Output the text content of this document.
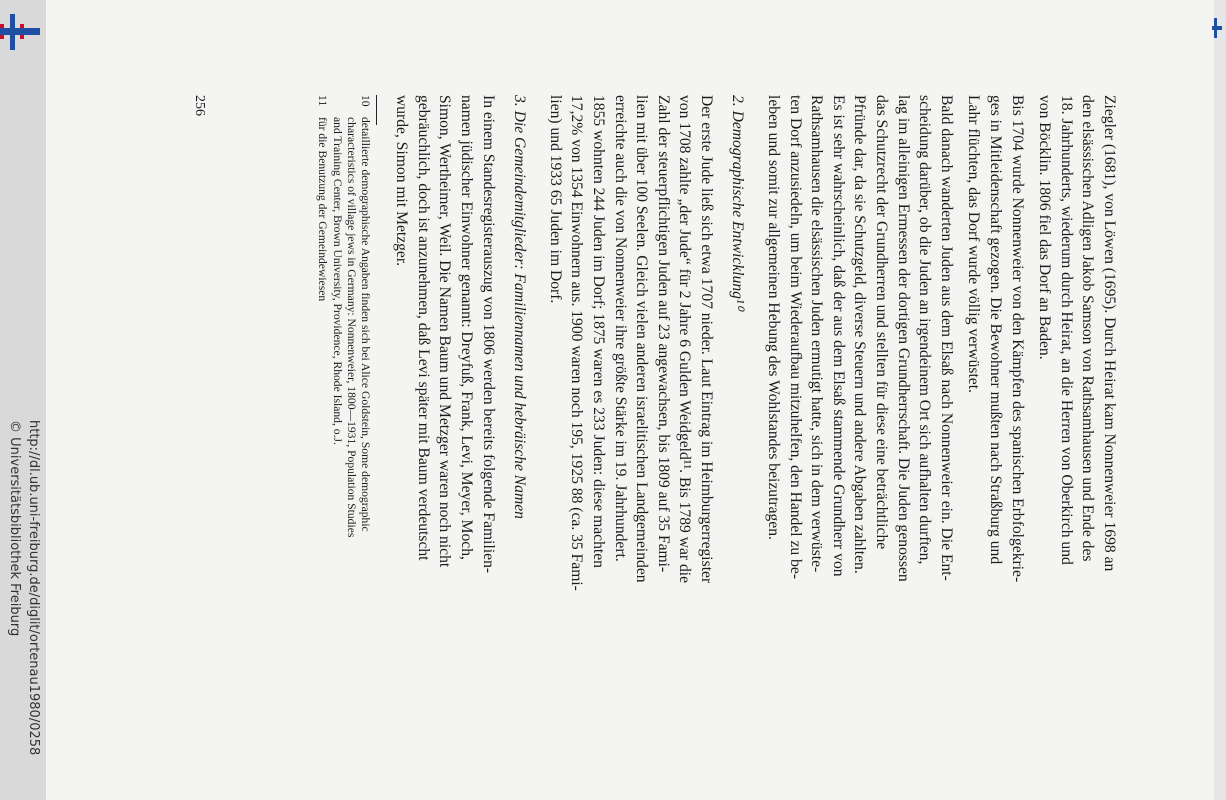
http://dl.ub.uni-freiburg.de/diglit/ortenau1980/0258
© Universitätsbibliothek Freiburg	Ziegler (1681), von Löwen (1695). Durch Heirat kam Nonnenweier 1698 an
den elsässischen Adligen Jakob Samson von Rathsamhausen und Ende des
18. Jahrhunderts, wiederum durch Heirat, an die Herren von Oberkirch und
von Böcklin. 1806 fiel das Dorf an Baden.

Bis 1704 wurde Nonnenweier von den Kämpfen des spanischen Erbfolgekrie-
ges in Mitleidenschaft gezogen. Die Bewohner mußten nach Straßburg und
Lahr flüchten, das Dorf wurde völlig verwüstet.

Bald danach wanderten Juden aus dem Elsaß nach Nonnenweier ein. Die Ent-
scheidung darüber, ob die Juden an irgendeinem Ort sich aufhalten durften,
lag im alleinigen Ermessen der dortigen Grundherrschaft. Die Juden genossen
das Schutzrecht der Grundherren und stellten für diese eine beträchtliche
Pfründe dar, da sie Schutzgeld, diverse Steuern und andere Abgaben zahlten.
Es ist sehr wahrscheinlich, daß der aus dem Elsaß stammende Grundherr von
Rathsamhausen die elsässischen Juden ermutigt hatte, sich in dem verwüste-
ten Dorf anzusiedeln, um beim Wiederaufbau mitzuhelfen, den Handel zu be-
leben und somit zur allgemeinen Hebung des Wohlstandes beizutragen.

2. Demographische Entwicklung¹⁰

Der erste Jude ließ sich etwa 1707 nieder. Laut Eintrag im Heimburgerregister
von 1708 zahlte „der Jude“ für 2 Jahre 6 Gulden Weidgeld¹¹. Bis 1789 war die
Zahl der steuerpflichtigen Juden auf 23 angewachsen, bis 1809 auf 35 Fami-
lien mit über 100 Seelen. Gleich vielen anderen israelitischen Landgemeinden
erreichte auch die von Nonnenweier ihre größte Stärke im 19. Jahrhundert.
1855 wohnten 244 Juden im Dorf; 1875 waren es 233 Juden: diese machten
17,2% von 1354 Einwohnern aus. 1900 waren noch 195, 1925 88 (ca. 35 Fami-
lien) und 1933 65 Juden im Dorf.

3. Die Gemeindemitglieder: Familiennamen und hebräische Namen

In einem Standesregisterauszug von 1806 werden bereits folgende Familien-
namen jüdischer Einwohner genannt: Dreyfuß, Frank, Levi, Meyer, Moch,
Simon, Wertheimer, Weil. Die Namen Baum und Metzger waren noch nicht
gebräuchlich, doch ist anzunehmen, daß Levi später mit Baum verdeutscht
wurde, Simon mit Metzger.

10
detaillierte demographische Angaben finden sich bei Alice Goldstein, Some demographic
characteristics of village jews in Germany: Nonnenweier, 1800—1931, Population Studies
and Training Center, Brown University, Providence, Rhode Island, o.J.

11
für die Benutzung der Gemeindewiesen

256
